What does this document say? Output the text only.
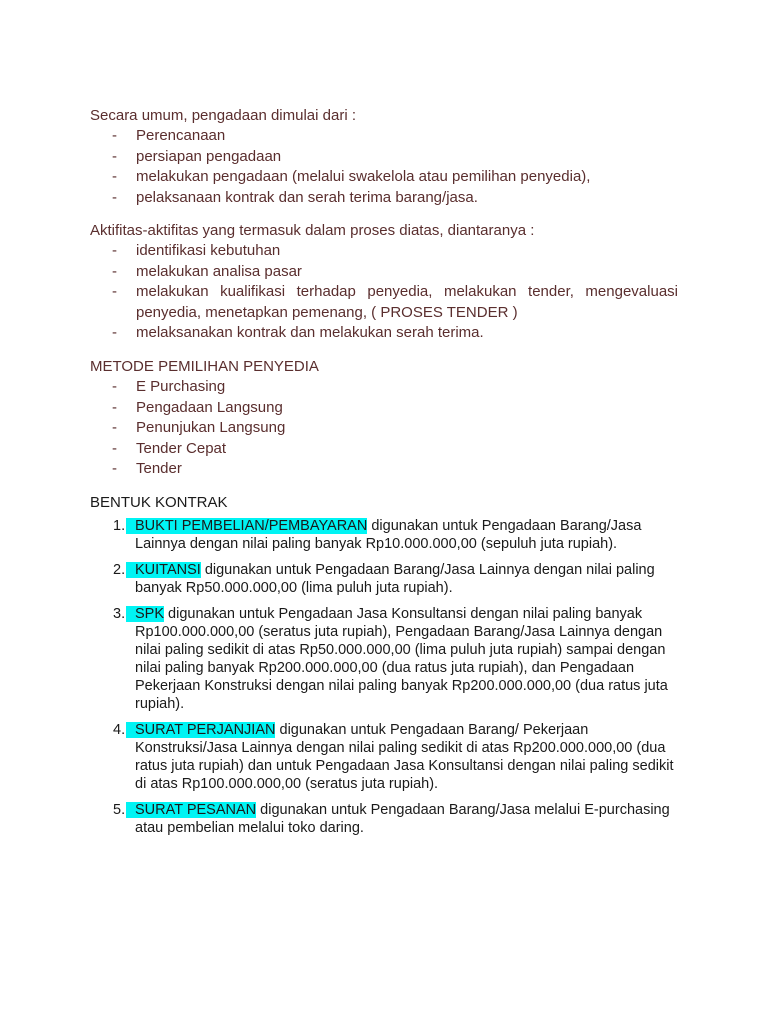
Secara umum, pengadaan dimulai dari :

- Perencanaan
- persiapan pengadaan
- melakukan pengadaan (melalui swakelola atau pemilihan penyedia),
- pelaksanaan kontrak dan serah terima barang/jasa.

Aktifitas-aktifitas yang termasuk dalam proses diatas, diantaranya :

- identifikasi kebutuhan
- melakukan analisa pasar
- melakukan kualifikasi terhadap penyedia, melakukan tender, mengevaluasi penyedia, menetapkan pemenang, ( PROSES TENDER )
- melaksanakan kontrak dan melakukan serah terima.

METODE PEMILIHAN PENYEDIA

- E Purchasing
- Pengadaan Langsung
- Penunjukan Langsung
- Tender Cepat
- Tender

BENTUK KONTRAK

1. BUKTI PEMBELIAN/PEMBAYARAN digunakan untuk Pengadaan Barang/Jasa Lainnya dengan nilai paling banyak Rp10.000.000,00 (sepuluh juta rupiah).
2. KUITANSI digunakan untuk Pengadaan Barang/Jasa Lainnya dengan nilai paling banyak Rp50.000.000,00 (lima puluh juta rupiah).
3. SPK digunakan untuk Pengadaan Jasa Konsultansi dengan nilai paling banyak Rp100.000.000,00 (seratus juta rupiah), Pengadaan Barang/Jasa Lainnya dengan nilai paling sedikit di atas Rp50.000.000,00 (lima puluh juta rupiah) sampai dengan nilai paling banyak Rp200.000.000,00 (dua ratus juta rupiah), dan Pengadaan Pekerjaan Konstruksi dengan nilai paling banyak Rp200.000.000,00 (dua ratus juta rupiah).
4. SURAT PERJANJIAN digunakan untuk Pengadaan Barang/ Pekerjaan Konstruksi/Jasa Lainnya dengan nilai paling sedikit di atas Rp200.000.000,00 (dua ratus juta rupiah) dan untuk Pengadaan Jasa Konsultansi dengan nilai paling sedikit di atas Rp100.000.000,00 (seratus juta rupiah).
5. SURAT PESANAN digunakan untuk Pengadaan Barang/Jasa melalui E-purchasing atau pembelian melalui toko daring.
